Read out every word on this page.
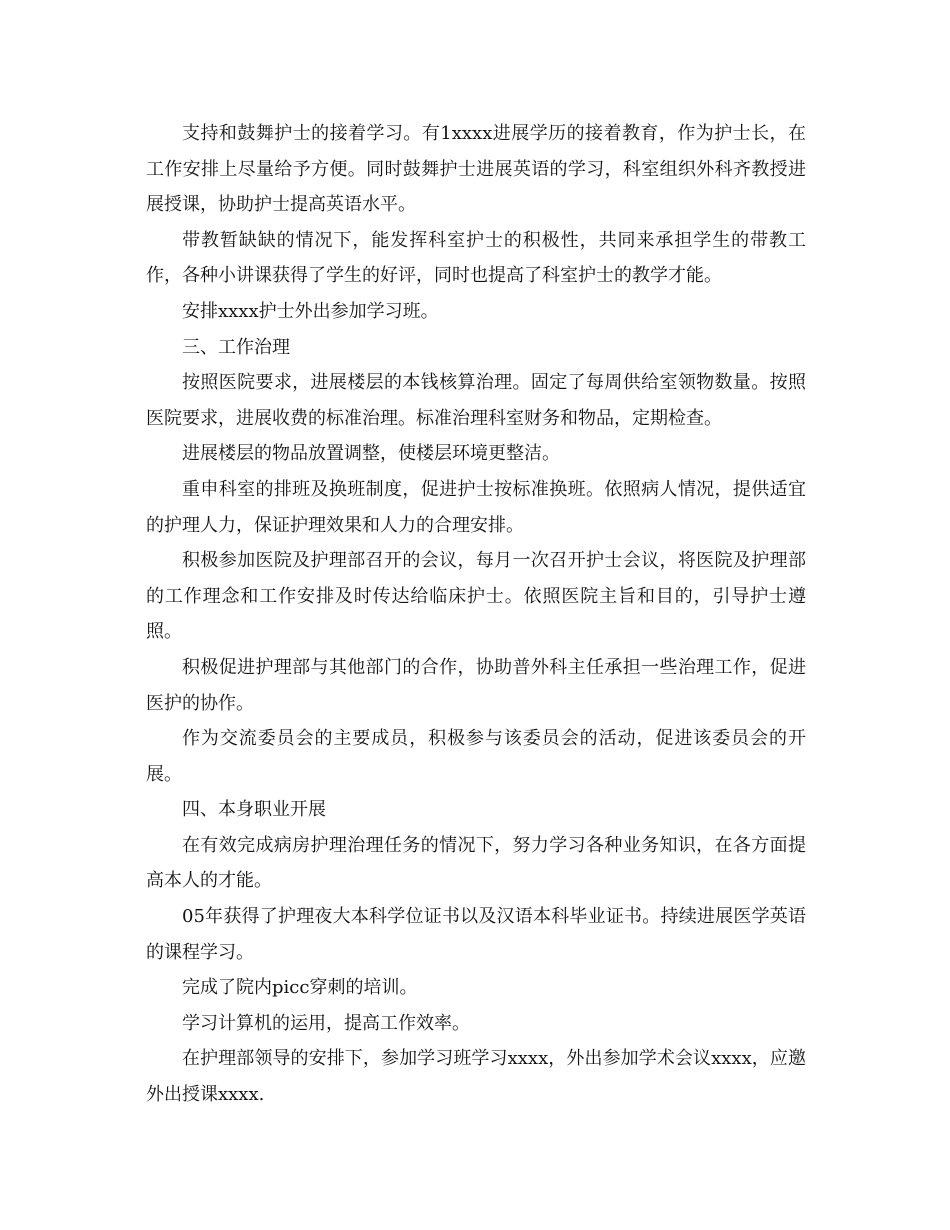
支持和鼓舞护士的接着学习。有1xxxx进展学历的接着教育，作为护士长，在工作安排上尽量给予方便。同时鼓舞护士进展英语的学习，科室组织外科齐教授进展授课，协助护士提高英语水平。

带教暂缺缺的情况下，能发挥科室护士的积极性，共同来承担学生的带教工作，各种小讲课获得了学生的好评，同时也提高了科室护士的教学才能。

安排xxxx护士外出参加学习班。

三、工作治理

按照医院要求，进展楼层的本钱核算治理。固定了每周供给室领物数量。按照医院要求，进展收费的标准治理。标准治理科室财务和物品，定期检查。

进展楼层的物品放置调整，使楼层环境更整洁。

重申科室的排班及换班制度，促进护士按标准换班。依照病人情况，提供适宜的护理人力，保证护理效果和人力的合理安排。

积极参加医院及护理部召开的会议，每月一次召开护士会议，将医院及护理部的工作理念和工作安排及时传达给临床护士。依照医院主旨和目的，引导护士遵照。

积极促进护理部与其他部门的合作，协助普外科主任承担一些治理工作，促进医护的协作。

作为交流委员会的主要成员，积极参与该委员会的活动，促进该委员会的开展。

四、本身职业开展

在有效完成病房护理治理任务的情况下，努力学习各种业务知识，在各方面提高本人的才能。

05年获得了护理夜大本科学位证书以及汉语本科毕业证书。持续进展医学英语的课程学习。

完成了院内picc穿刺的培训。

学习计算机的运用，提高工作效率。

在护理部领导的安排下，参加学习班学习xxxx，外出参加学术会议xxxx，应邀外出授课xxxx.
